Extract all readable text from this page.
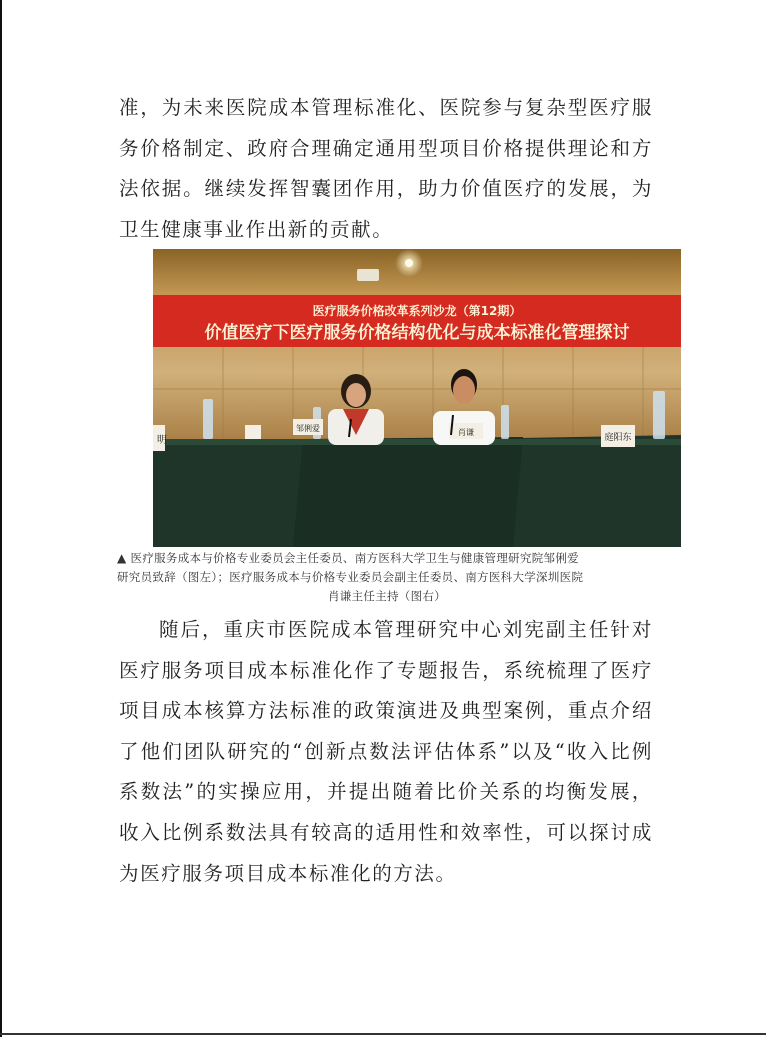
准，为未来医院成本管理标准化、医院参与复杂型医疗服务价格制定、政府合理确定通用型项目价格提供理论和方法依据。继续发挥智囊团作用，助力价值医疗的发展，为卫生健康事业作出新的贡献。

医疗服务价格改革系列沙龙（第12期）
价值医疗下医疗服务价格结构优化与成本标准化管理探讨
明
邹俐爱	肖谦
庭阳东

▲ 医疗服务成本与价格专业委员会主任委员、南方医科大学卫生与健康管理研究院邹俐爱
研究员致辞（图左）；医疗服务成本与价格专业委员会副主任委员、南方医科大学深圳医院
肖谦主任主持（图右）

随后，重庆市医院成本管理研究中心刘宪副主任针对医疗服务项目成本标准化作了专题报告，系统梳理了医疗项目成本核算方法标准的政策演进及典型案例，重点介绍了他们团队研究的“创新点数法评估体系”以及“收入比例系数法”的实操应用，并提出随着比价关系的均衡发展，收入比例系数法具有较高的适用性和效率性，可以探讨成为医疗服务项目成本标准化的方法。
